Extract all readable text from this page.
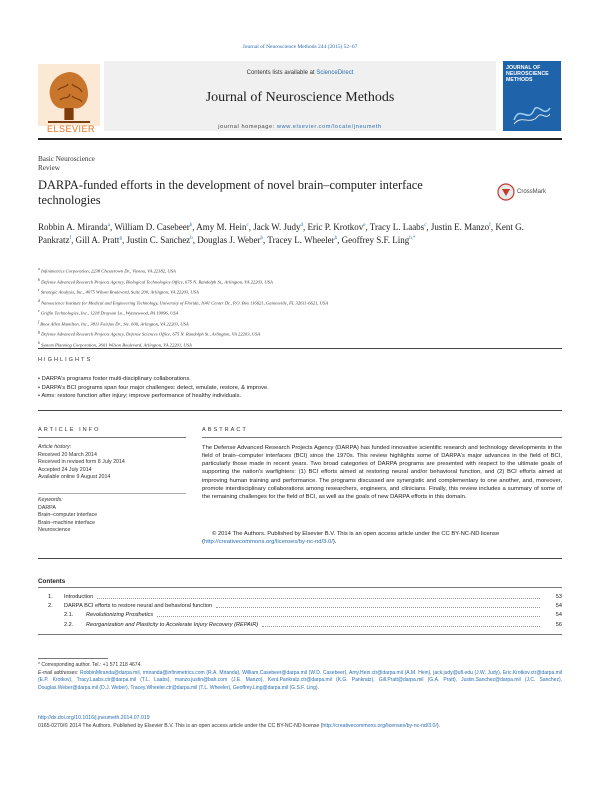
Journal of Neuroscience Methods 244 (2015) 52–67
ELSEVIER
Contents lists available at ScienceDirect
Journal of Neuroscience Methods
journal homepage: www.elsevier.com/locate/jneumeth
JOURNAL OF NEUROSCIENCE METHODS
Basic Neuroscience
Review
DARPA-funded efforts in the development of novel brain–computer interface technologies
CrossMark
Robbin A. Miranda$^a$, William D. Casebeer$^b$, Amy M. Hein$^c$, Jack W. Judy$^d$, Eric P. Krotkov$^e$, Tracy L. Laabs$^c$, Justin E. Manzo$^f$, Kent G. Pankratz$^f$, Gill A. Pratt$^g$, Justin C. Sanchez$^b$, Douglas J. Weber$^b$, Tracey L. Wheeler$^h$, Geoffrey S.F. Ling$^{b,*}$
$^a$ Infinimetrics Corporation, 2238 Chesterown Dr., Vienna, VA 22182, USA
$^b$ Defense Advanced Research Projects Agency, Biological Technologies Office, 675 N. Randolph St., Arlington, VA 22203, USA
$^c$ Strategic Analysis, Inc., 4075 Wilson Boulevard, Suite 200, Arlington, VA 22203, USA
$^d$ Nanoscience Institute for Medical and Engineering Technology, University of Florida, 1041 Center Dr., P.O. Box 116621, Gainesville, FL 32611-6621, USA
$^e$ Griffin Technologies, Inc., 1218 Drayson Ln., Wynnewood, PA 19096, USA
$^f$ Booz Allen Hamilton, Inc., 3811 Fairfax Dr., Ste. 600, Arlington, VA 22203, USA
$^g$ Defense Advanced Research Projects Agency, Defense Sciences Office, 675 N. Randolph St., Arlington, VA 22203, USA
$^h$ System Planning Corporation, 3601 Wilson Boulevard, Arlington, VA 22201, USA
HIGHLIGHTS
• DARPA's programs foster multi-disciplinary collaborations.
• DARPA's BCI programs span four major challenges: detect, emulate, restore, & improve.
• Aims: restore function after injury; improve performance of healthy individuals.
ARTICLE INFO
Article history:
Received 20 March 2014
Received in revised form 8 July 2014
Accepted 24 July 2014
Available online 9 August 2014
Keywords:
DARPA
Brain–computer interface
Brain–machine interface
Neuroscience
ABSTRACT
The Defense Advanced Research Projects Agency (DARPA) has funded innovative scientific research and technology developments in the field of brain–computer interfaces (BCI) since the 1970s. This review highlights some of DARPA's major advances in the field of BCI, particularly those made in recent years. Two broad categories of DARPA programs are presented with respect to the ultimate goals of supporting the nation's warfighters: (1) BCI efforts aimed at restoring neural and/or behavioral function, and (2) BCI efforts aimed at improving human training and performance. The programs discussed are synergistic and complementary to one another, and, moreover, promote interdisciplinary collaborations among researchers, engineers, and clinicians. Finally, this review includes a summary of some of the remaining challenges for the field of BCI, as well as the goals of new DARPA efforts in this domain.
© 2014 The Authors. Published by Elsevier B.V. This is an open access article under the CC BY-NC-ND license (http://creativecommons.org/licenses/by-nc-nd/3.0/).
Contents
1. Introduction	53
2. DARPA BCI efforts to restore neural and behavioral function	54
2.1. Revolutionizing Prosthetics	54
2.2. Reorganization and Plasticity to Accelerate Injury Recovery (REPAIR)	56
* Corresponding author. Tel.: +1 571 218 4674.
E-mail addresses: RobbinMiranda@darpa.mil, rmiranda@infinimetrics.com (R.A. Miranda), William.Casebeer@darpa.mil (W.D. Casebeer), Amy.Hein.ctr@darpa.mil (A.M. Hein), jack.judy@ufl.edu (J.W. Judy), Eric.Krotkov.ctr@darpa.mil (E.P. Krotkov), Tracy.Laabs.ctr@darpa.mil (T.L. Laabs), manzo.justin@bah.com (J.E. Manzo), Kent.Pankratz.ctr@darpa.mil (K.G. Pankratz), Gill.Pratt@darpa.mil (G.A. Pratt), Justin.Sanchez@darpa.mil (J.C. Sanchez), Douglas.Weber@darpa.mil (D.J. Weber), Tracey.Wheeler.ctr@darpa.mil (T.L. Wheeler), Geoffrey.Ling@darpa.mil (G.S.F. Ling).
http://dx.doi.org/10.1016/j.jneumeth.2014.07.019
0165-0270/© 2014 The Authors. Published by Elsevier B.V. This is an open access article under the CC BY-NC-ND license (http://creativecommons.org/licenses/by-nc-nd/3.0/).
